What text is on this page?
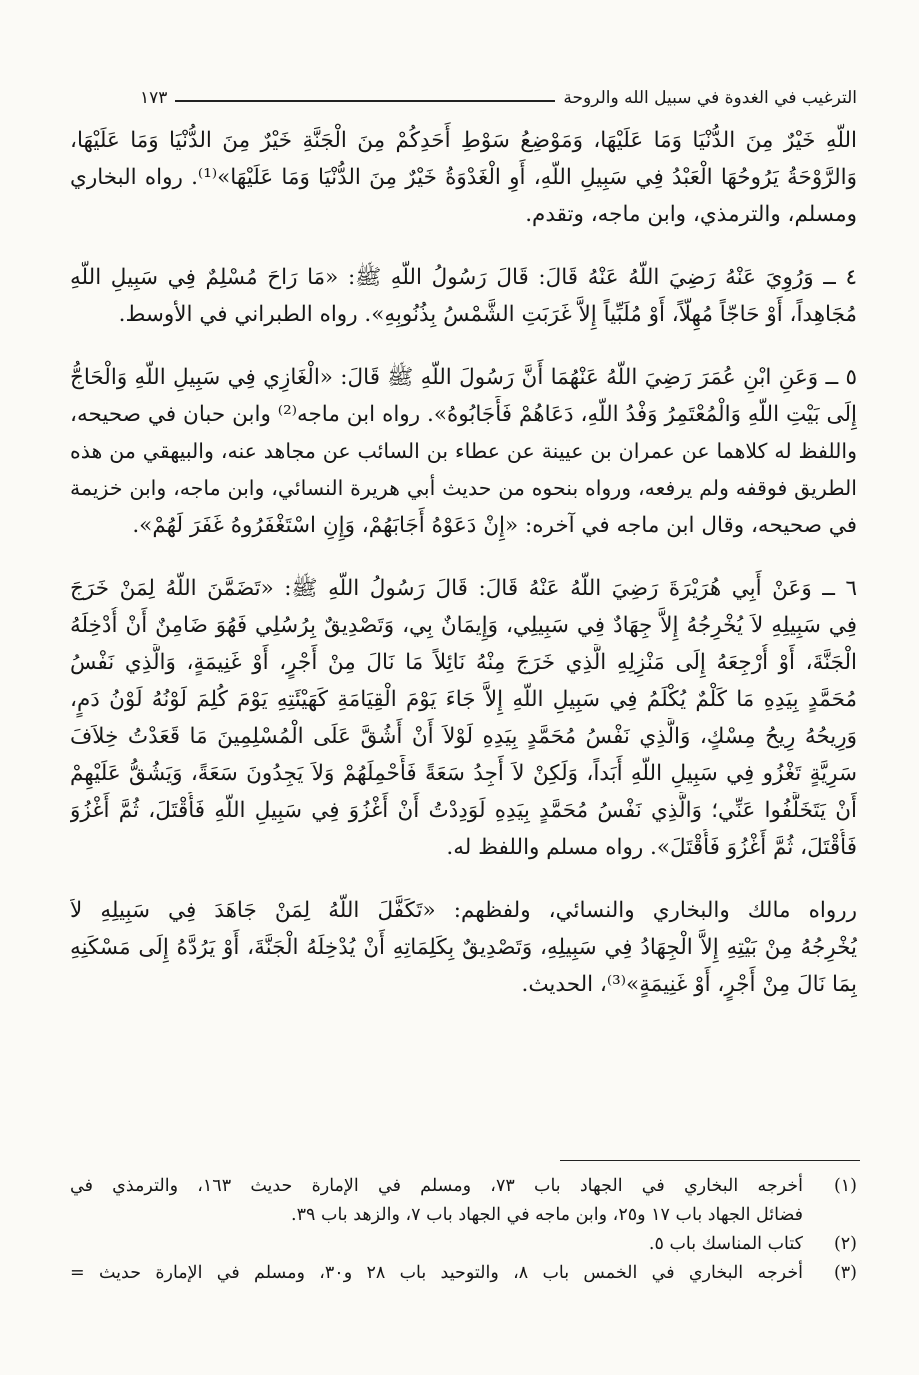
الترغيب في الغدوة في سبيل الله والروحة
١٧٣

اللّهِ خَيْرٌ مِنَ الدُّنْيَا وَمَا عَلَيْهَا، وَمَوْضِعُ سَوْطِ أَحَدِكُمْ مِنَ الْجَنَّةِ خَيْرٌ مِنَ الدُّنْيَا وَمَا عَلَيْهَا،
وَالرَّوْحَةُ يَرُوحُهَا الْعَبْدُ فِي سَبِيلِ اللّهِ، أَوِ الْغَدْوَةُ خَيْرٌ مِنَ الدُّنْيَا وَمَا عَلَيْهَا»⁽¹⁾. رواه البخاري
ومسلم، والترمذي، وابن ماجه، وتقدم.

٤ ــ وَرُوِيَ عَنْهُ رَضِيَ اللّهُ عَنْهُ قَالَ: قَالَ رَسُولُ اللّهِ ﷺ: «مَا رَاحَ مُسْلِمٌ فِي سَبِيلِ اللّهِ
مُجَاهِداً، أَوْ حَاجّاً مُهِلّاً، أَوْ مُلَبِّياً إِلاَّ غَرَبَتِ الشَّمْسُ بِذُنُوبِهِ». رواه الطبراني في الأوسط.

٥ ــ وَعَنِ ابْنِ عُمَرَ رَضِيَ اللّهُ عَنْهُمَا أَنَّ رَسُولَ اللّهِ ﷺ قَالَ: «الْغَازِي فِي سَبِيلِ اللّهِ وَالْحَاجُّ
إِلَى بَيْتِ اللّهِ وَالْمُعْتَمِرُ وَفْدُ اللّهِ، دَعَاهُمْ فَأَجَابُوهُ». رواه ابن ماجه⁽²⁾ وابن حبان في صحيحه،
واللفظ له كلاهما عن عمران بن عيينة عن عطاء بن السائب عن مجاهد عنه، والبيهقي من هذه
الطريق فوقفه ولم يرفعه، ورواه بنحوه من حديث أبي هريرة النسائي، وابن ماجه، وابن خزيمة
في صحيحه، وقال ابن ماجه في آخره: «إِنْ دَعَوْهُ أَجَابَهُمْ، وَإِنِ اسْتَغْفَرُوهُ غَفَرَ لَهُمْ».

٦ ــ وَعَنْ أَبِي هُرَيْرَةَ رَضِيَ اللّهُ عَنْهُ قَالَ: قَالَ رَسُولُ اللّهِ ﷺ: «تَضَمَّنَ اللّهُ لِمَنْ خَرَجَ
فِي سَبِيلِهِ لاَ يُخْرِجُهُ إِلاَّ جِهَادٌ فِي سَبِيلِي، وَإِيمَانٌ بِي، وَتَصْدِيقٌ بِرُسُلِي فَهُوَ ضَامِنٌ أَنْ أُدْخِلَهُ
الْجَنَّةَ، أَوْ أُرْجِعَهُ إِلَى مَنْزِلِهِ الَّذِي خَرَجَ مِنْهُ نَائِلاً مَا نَالَ مِنْ أَجْرٍ، أَوْ غَنِيمَةٍ، وَالَّذِي نَفْسُ
مُحَمَّدٍ بِيَدِهِ مَا كَلْمٌ يُكْلَمُ فِي سَبِيلِ اللّهِ إِلاَّ جَاءَ يَوْمَ الْقِيَامَةِ كَهَيْئَتِهِ يَوْمَ كُلِمَ لَوْنُهُ لَوْنُ دَمٍ،
وَرِيحُهُ رِيحُ مِسْكٍ، وَالَّذِي نَفْسُ مُحَمَّدٍ بِيَدِهِ لَوْلاَ أَنْ أَشُقَّ عَلَى الْمُسْلِمِينَ مَا قَعَدْتُ خِلاَفَ
سَرِيَّةٍ تَغْزُو فِي سَبِيلِ اللّهِ أَبَداً، وَلَكِنْ لاَ أَجِدُ سَعَةً فَأَحْمِلَهُمْ وَلاَ يَجِدُونَ سَعَةً، وَيَشُقُّ عَلَيْهِمْ
أَنْ يَتَخَلَّفُوا عَنِّي؛ وَالَّذِي نَفْسُ مُحَمَّدٍ بِيَدِهِ لَوَدِدْتُ أَنْ أَغْزُوَ فِي سَبِيلِ اللّهِ فَأُقْتَلَ، ثُمَّ أَغْزُوَ
فَأُقْتَلَ، ثُمَّ أَغْزُوَ فَأُقْتَلَ». رواه مسلم واللفظ له.

ررواه مالك والبخاري والنسائي، ولفظهم: «تَكَفَّلَ اللّهُ لِمَنْ جَاهَدَ فِي سَبِيلِهِ لاَ
يُخْرِجُهُ مِنْ بَيْتِهِ إِلاَّ الْجِهَادُ فِي سَبِيلِهِ، وَتَصْدِيقٌ بِكَلِمَاتِهِ أَنْ يُدْخِلَهُ الْجَنَّةَ، أَوْ يَرُدَّهُ إِلَى مَسْكَنِهِ
بِمَا نَالَ مِنْ أَجْرٍ، أَوْ غَنِيمَةٍ»⁽³⁾، الحديث.

(١)
أخرجه البخاري في الجهاد باب ٧٣، ومسلم في الإمارة حديث ١٦٣، والترمذي في
فضائل الجهاد باب ١٧ و٢٥، وابن ماجه في الجهاد باب ٧، والزهد باب ٣٩.
(٢)
كتاب المناسك باب ٥.
(٣)
أخرجه البخاري في الخمس باب ٨، والتوحيد باب ٢٨ و٣٠، ومسلم في الإمارة حديث =
